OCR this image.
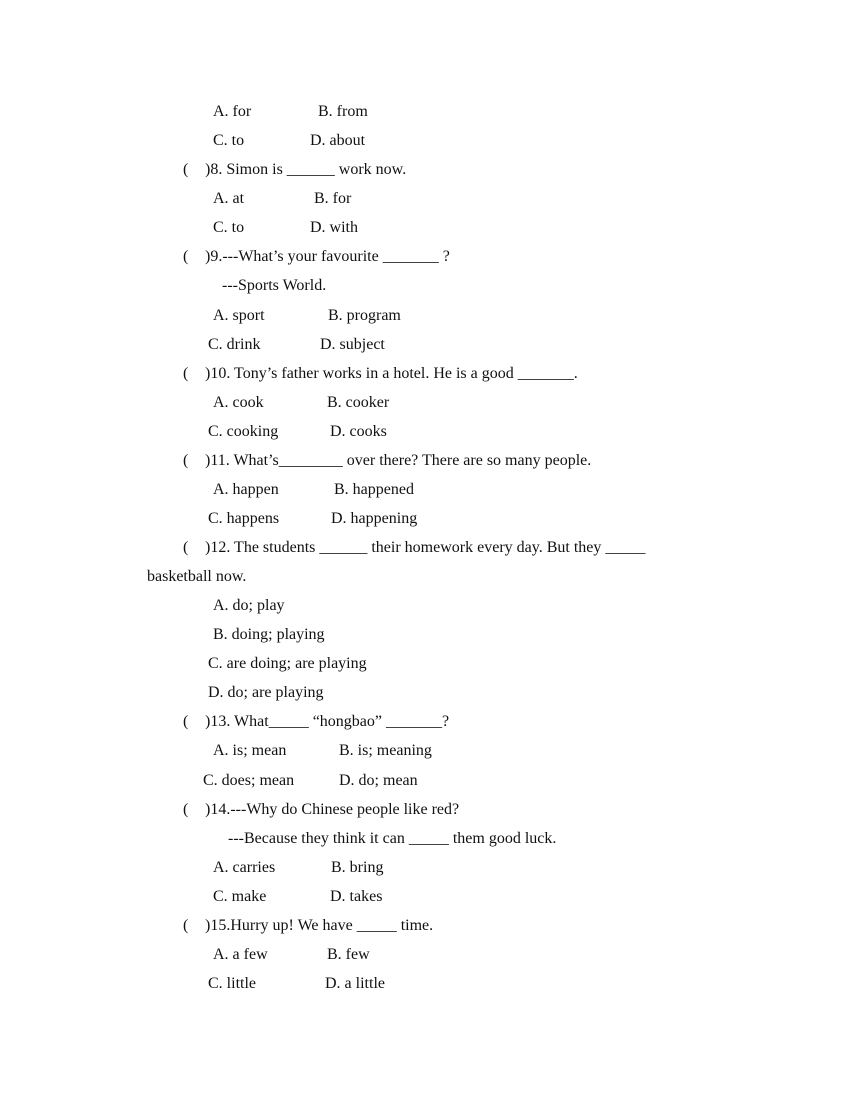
A. for	B. from
C. to	D. about
( )8. Simon is ______ work now.
A. at	B. for
C. to	D. with
( )9.---What’s your favourite _______ ?
---Sports World.
A. sport	B. program
C. drink	D. subject
( )10. Tony’s father works in a hotel. He is a good _______.
A. cook	B. cooker
C. cooking	D. cooks
( )11. What’s________ over there? There are so many people.
A. happen	B. happened
C. happens	D. happening
( )12. The students ______ their homework every day. But they _____
basketball now.
A. do; play
B. doing; playing
C. are doing; are playing
D. do; are playing
( )13. What_____ “hongbao” _______?
A. is; mean	B. is; meaning
C. does; mean	D. do; mean
( )14.---Why do Chinese people like red?
---Because they think it can _____ them good luck.
A. carries	B. bring
C. make	D. takes
( )15.Hurry up! We have _____ time.
A. a few	B. few
C. little	D. a little
